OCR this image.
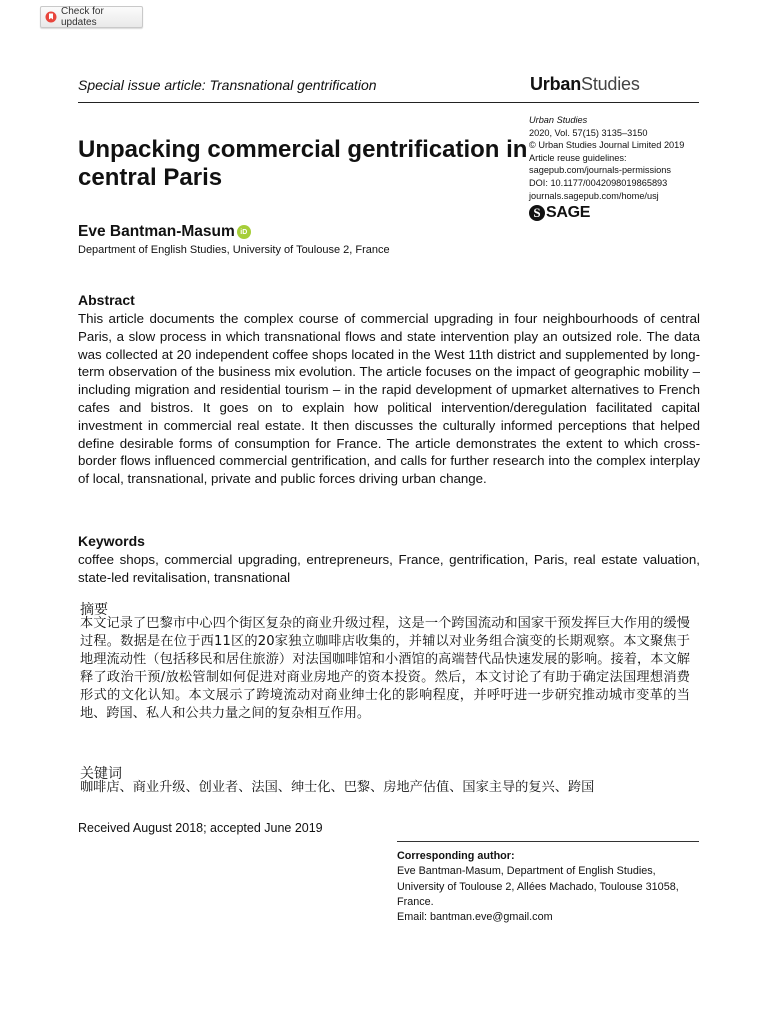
Check for updates
Special issue article: Transnational gentrification	UrbanStudies
Urban Studies
2020, Vol. 57(15) 3135–3150
© Urban Studies Journal Limited 2019
Article reuse guidelines:
sagepub.com/journals-permissions
DOI: 10.1177/0042098019865893
journals.sagepub.com/home/usj
S SAGE
Unpacking commercial gentrification in central Paris
Eve Bantman-Masum iD
Department of English Studies, University of Toulouse 2, France
Abstract
This article documents the complex course of commercial upgrading in four neighbourhoods of central Paris, a slow process in which transnational flows and state intervention play an outsized role. The data was collected at 20 independent coffee shops located in the West 11th district and supplemented by long-term observation of the business mix evolution. The article focuses on the impact of geographic mobility – including migration and residential tourism – in the rapid development of upmarket alternatives to French cafes and bistros. It goes on to explain how political intervention/deregulation facilitated capital investment in commercial real estate. It then discusses the culturally informed perceptions that helped define desirable forms of consumption for France. The article demonstrates the extent to which cross-border flows influenced commercial gentrification, and calls for further research into the complex interplay of local, transnational, private and public forces driving urban change.
Keywords
coffee shops, commercial upgrading, entrepreneurs, France, gentrification, Paris, real estate valuation, state-led revitalisation, transnational
摘要
本文记录了巴黎市中心四个街区复杂的商业升级过程，这是一个跨国流动和国家干预发挥巨大作用的缓慢过程。数据是在位于西11区的20家独立咖啡店收集的，并辅以对业务组合演变的长期观察。本文聚焦于地理流动性（包括移民和居住旅游）对法国咖啡馆和小酒馆的高端替代品快速发展的影响。接着，本文解释了政治干预/放松管制如何促进对商业房地产的资本投资。然后，本文讨论了有助于确定法国理想消费形式的文化认知。本文展示了跨境流动对商业绅士化的影响程度，并呼吁进一步研究推动城市变革的当地、跨国、私人和公共力量之间的复杂相互作用。
关键词
咖啡店、商业升级、创业者、法国、绅士化、巴黎、房地产估值、国家主导的复兴、跨国
Received August 2018; accepted June 2019
Corresponding author:
Eve Bantman-Masum, Department of English Studies,
University of Toulouse 2, Allées Machado, Toulouse 31058,
France.
Email: bantman.eve@gmail.com
